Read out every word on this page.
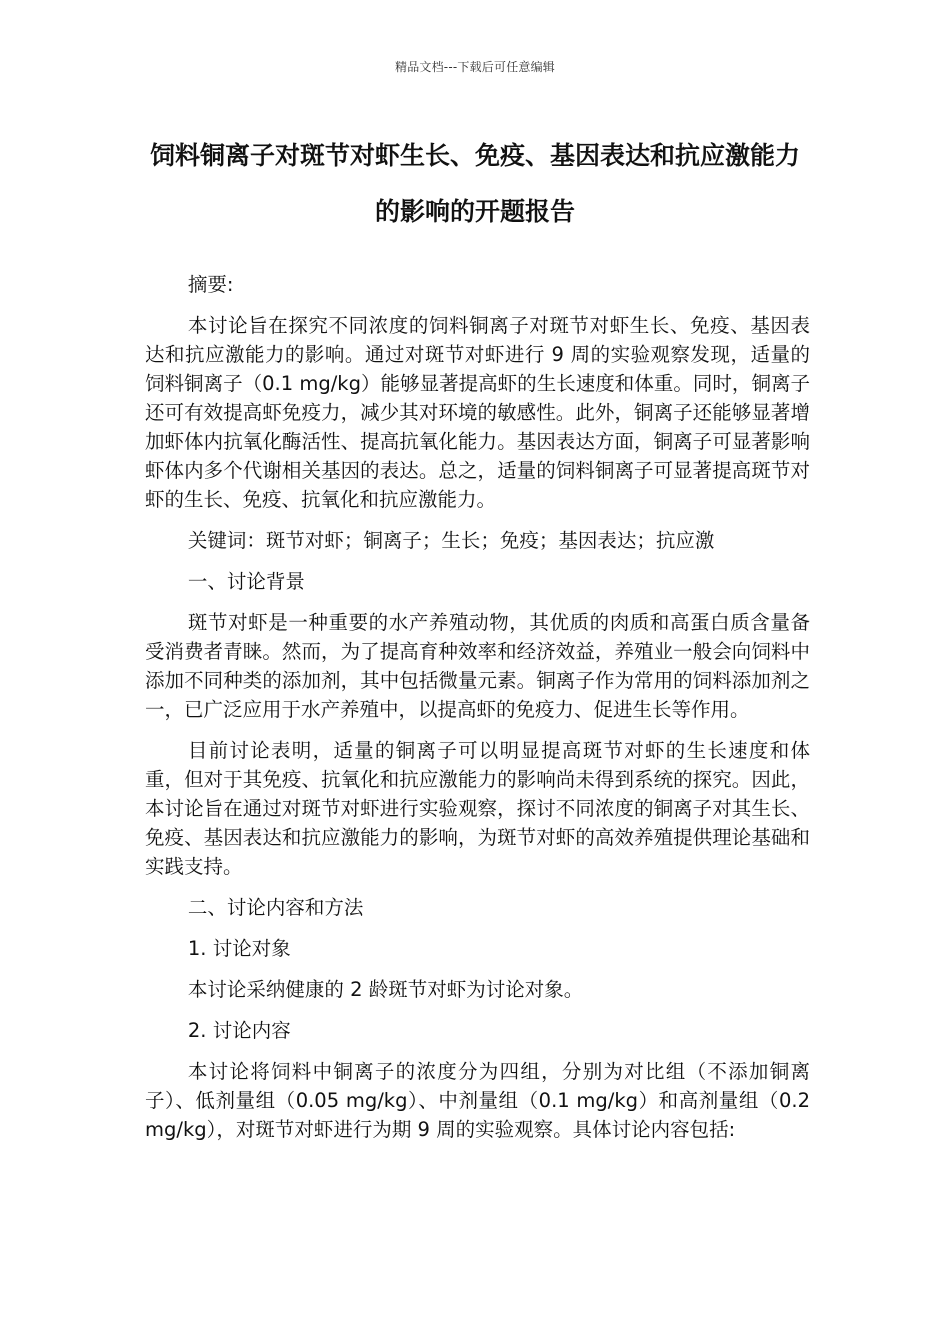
精品文档---下载后可任意编辑
饲料铜离子对斑节对虾生长、免疫、基因表达和抗应激能力的影响的开题报告

摘要:

本讨论旨在探究不同浓度的饲料铜离子对斑节对虾生长、免疫、基因表达和抗应激能力的影响。通过对斑节对虾进行 9 周的实验观察发现，适量的饲料铜离子（0.1 mg/kg）能够显著提高虾的生长速度和体重。同时，铜离子还可有效提高虾免疫力，减少其对环境的敏感性。此外，铜离子还能够显著增加虾体内抗氧化酶活性、提高抗氧化能力。基因表达方面，铜离子可显著影响虾体内多个代谢相关基因的表达。总之，适量的饲料铜离子可显著提高斑节对虾的生长、免疫、抗氧化和抗应激能力。

关键词：斑节对虾；铜离子；生长；免疫；基因表达；抗应激

一、讨论背景

斑节对虾是一种重要的水产养殖动物，其优质的肉质和高蛋白质含量备受消费者青睐。然而，为了提高育种效率和经济效益，养殖业一般会向饲料中添加不同种类的添加剂，其中包括微量元素。铜离子作为常用的饲料添加剂之一，已广泛应用于水产养殖中，以提高虾的免疫力、促进生长等作用。

目前讨论表明，适量的铜离子可以明显提高斑节对虾的生长速度和体重，但对于其免疫、抗氧化和抗应激能力的影响尚未得到系统的探究。因此，本讨论旨在通过对斑节对虾进行实验观察，探讨不同浓度的铜离子对其生长、免疫、基因表达和抗应激能力的影响，为斑节对虾的高效养殖提供理论基础和实践支持。

二、讨论内容和方法

1. 讨论对象

本讨论采纳健康的 2 龄斑节对虾为讨论对象。

2. 讨论内容

本讨论将饲料中铜离子的浓度分为四组，分别为对比组（不添加铜离子）、低剂量组（0.05 mg/kg）、中剂量组（0.1 mg/kg）和高剂量组（0.2 mg/kg），对斑节对虾进行为期 9 周的实验观察。具体讨论内容包括:
